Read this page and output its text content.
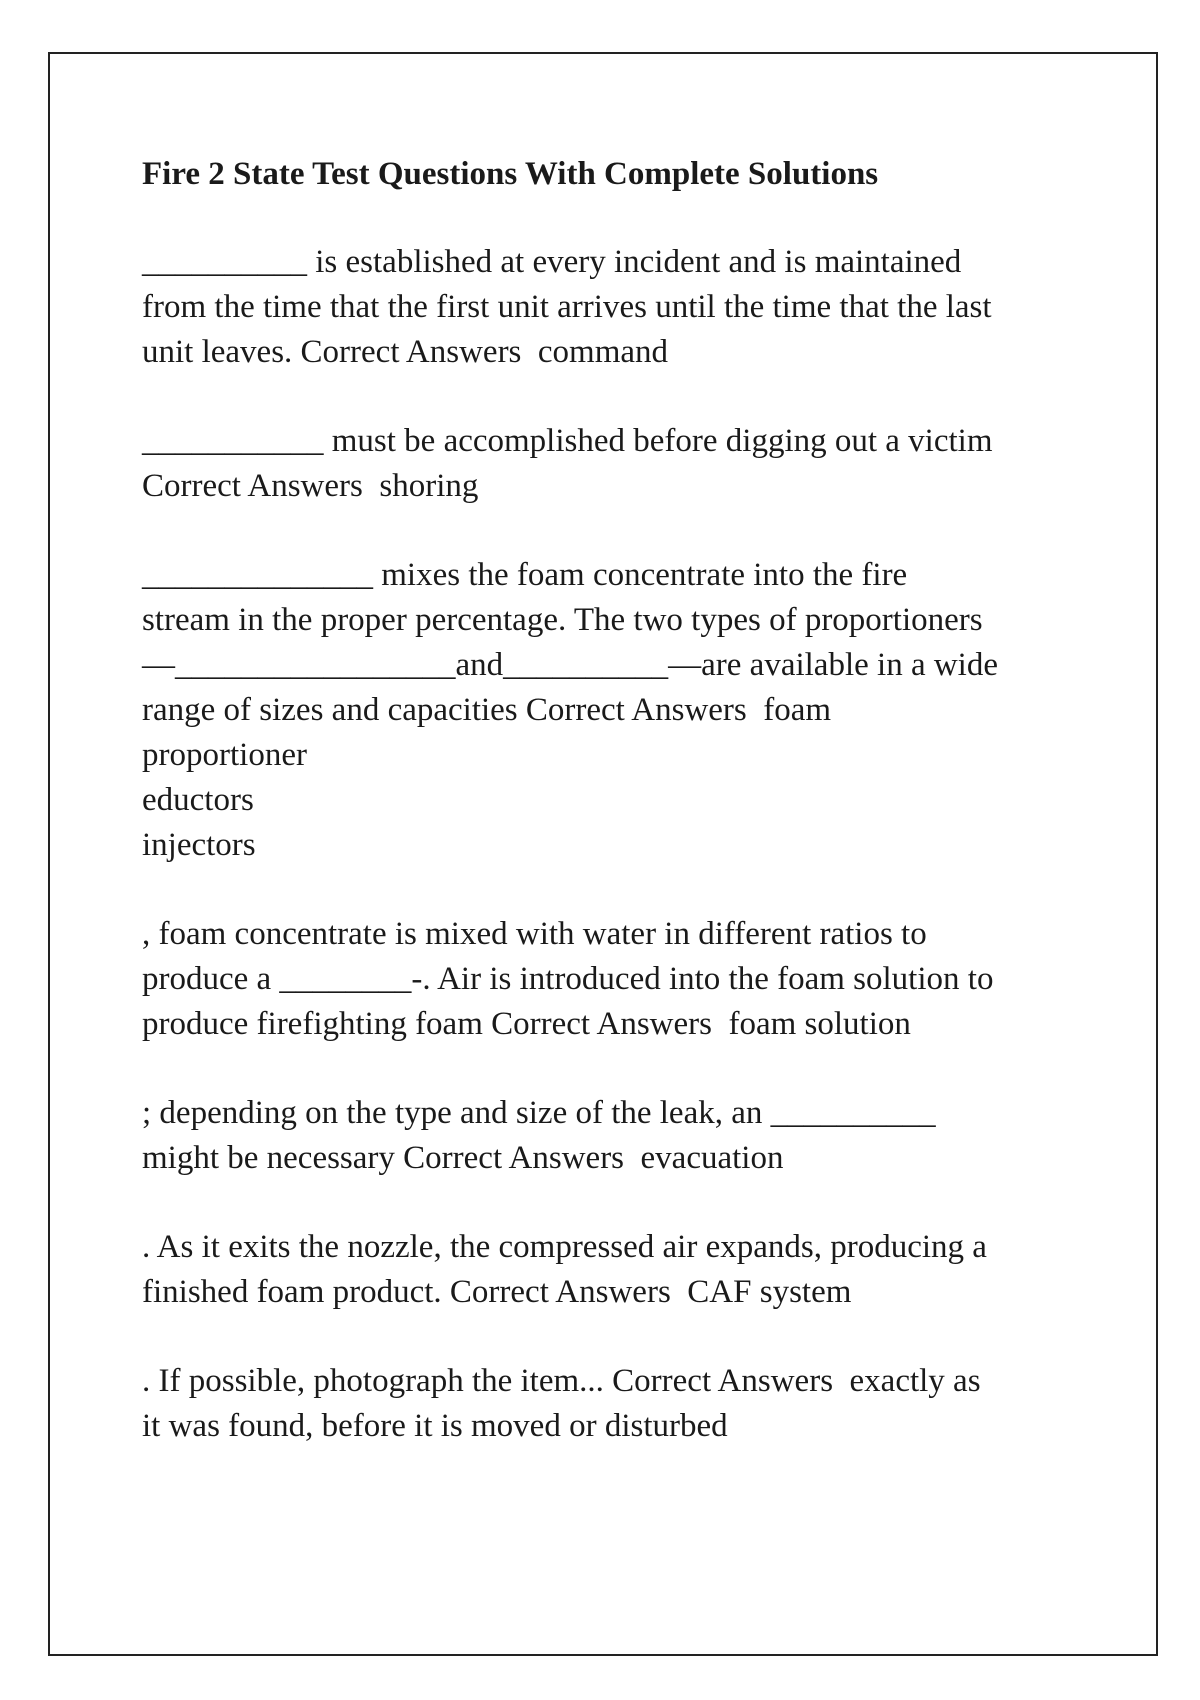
Fire 2 State Test Questions With Complete Solutions
__________ is established at every incident and is maintained
from the time that the first unit arrives until the time that the last
unit leaves. Correct Answers  command
___________ must be accomplished before digging out a victim
Correct Answers  shoring
______________ mixes the foam concentrate into the fire
stream in the proper percentage. The two types of proportioners
—_________________and__________—are available in a wide
range of sizes and capacities Correct Answers  foam
proportioner
eductors
injectors
, foam concentrate is mixed with water in different ratios to
produce a ________-. Air is introduced into the foam solution to
produce firefighting foam Correct Answers  foam solution
; depending on the type and size of the leak, an __________
might be necessary Correct Answers  evacuation
. As it exits the nozzle, the compressed air expands, producing a
finished foam product. Correct Answers  CAF system
. If possible, photograph the item... Correct Answers  exactly as
it was found, before it is moved or disturbed
